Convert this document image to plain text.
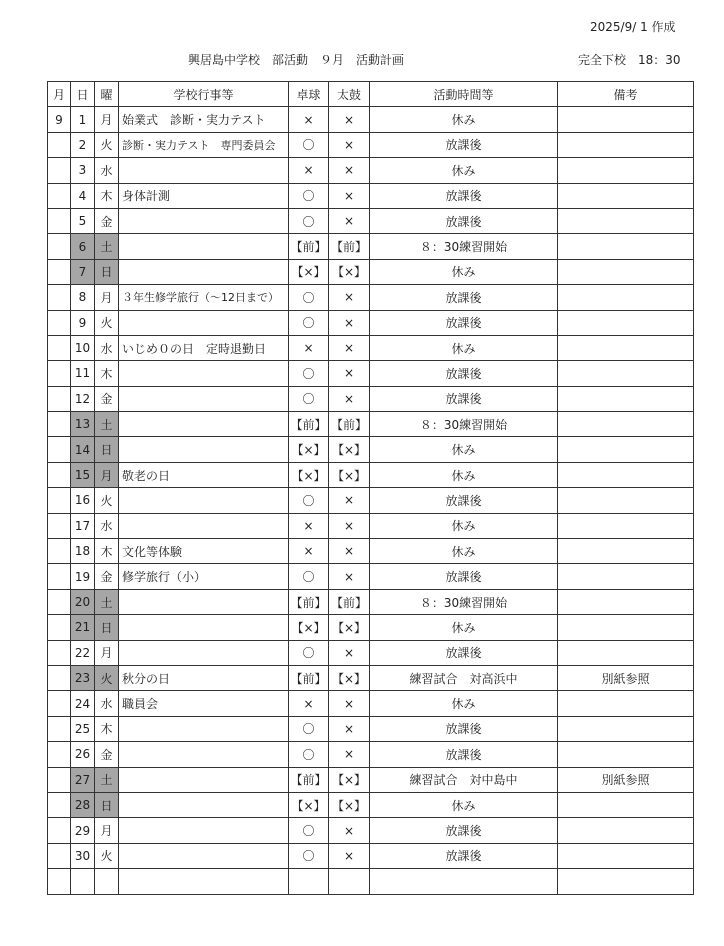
2025/9/ 1 作成
興居島中学校　部活動　９月　活動計画	完全下校　18：30
月	日	曜	学校行事等	卓球	太鼓	活動時間等	備考
9	1	月	始業式　診断・実力テスト	×	×	休み	
	2	火	診断・実力テスト　専門委員会	〇	×	放課後	
	3	水		×	×	休み	
	4	木	身体計測	〇	×	放課後	
	5	金		〇	×	放課後	
	6	土		【前】	【前】	８：30練習開始	
	7	日		【×】	【×】	休み	
	8	月	３年生修学旅行（～12日まで）	〇	×	放課後	
	9	火		〇	×	放課後	
	10	水	いじめ０の日　定時退勤日	×	×	休み	
	11	木		〇	×	放課後	
	12	金		〇	×	放課後	
	13	土		【前】	【前】	８：30練習開始	
	14	日		【×】	【×】	休み	
	15	月	敬老の日	【×】	【×】	休み	
	16	火		〇	×	放課後	
	17	水		×	×	休み	
	18	木	文化等体験	×	×	休み	
	19	金	修学旅行（小）	〇	×	放課後	
	20	土		【前】	【前】	８：30練習開始	
	21	日		【×】	【×】	休み	
	22	月		〇	×	放課後	
	23	火	秋分の日	【前】	【×】	練習試合　対高浜中	別紙参照
	24	水	職員会	×	×	休み	
	25	木		〇	×	放課後	
	26	金		〇	×	放課後	
	27	土		【前】	【×】	練習試合　対中島中	別紙参照
	28	日		【×】	【×】	休み	
	29	月		〇	×	放課後	
	30	火		〇	×	放課後	
